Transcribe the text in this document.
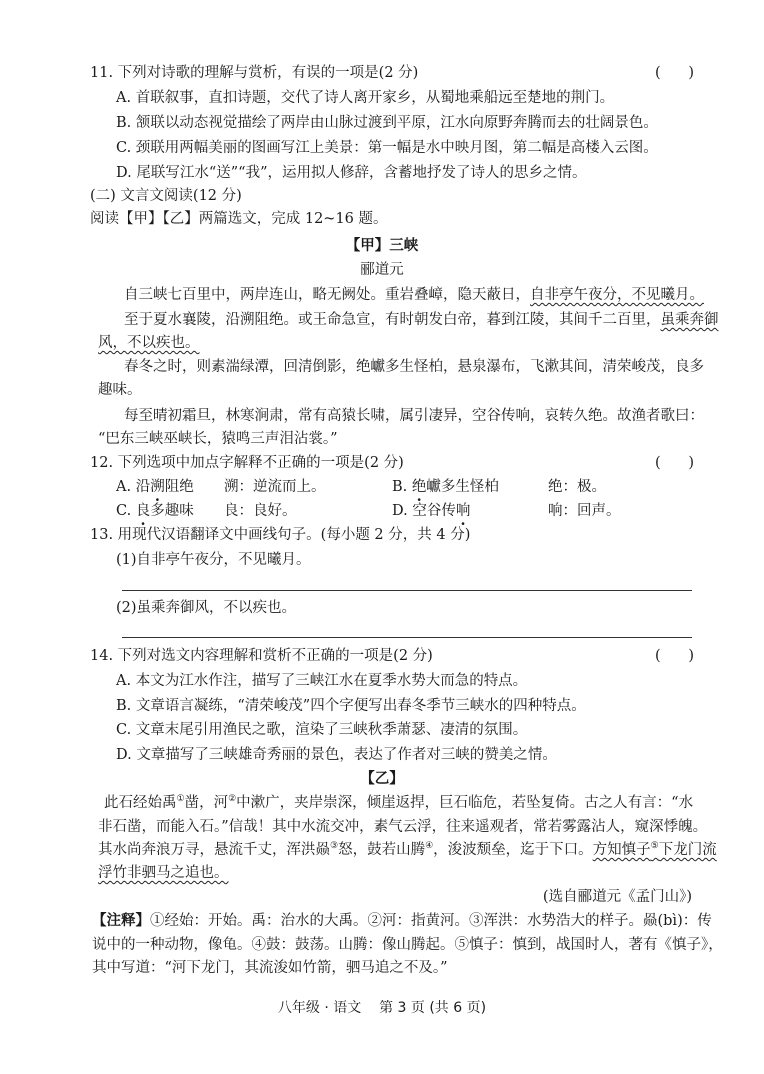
11. 下列对诗歌的理解与赏析，有误的一项是(2 分)	(      )
A. 首联叙事，直扣诗题，交代了诗人离开家乡，从蜀地乘船远至楚地的荆门。
B. 颔联以动态视觉描绘了两岸由山脉过渡到平原，江水向原野奔腾而去的壮阔景色。
C. 颈联用两幅美丽的图画写江上美景：第一幅是水中映月图，第二幅是高楼入云图。
D. 尾联写江水“送”“我”，运用拟人修辞，含蓄地抒发了诗人的思乡之情。
(二) 文言文阅读(12 分)
阅读【甲】【乙】两篇选文，完成 12~16 题。
【甲】三峡
郦道元
自三峡七百里中，两岸连山，略无阙处。重岩叠嶂，隐天蔽日，自非亭午夜分，不见曦月。
至于夏水襄陵，沿溯阻绝。或王命急宣，有时朝发白帝，暮到江陵，其间千二百里，虽乘奔御
风，不以疾也。
春冬之时，则素湍绿潭，回清倒影，绝巘多生怪柏，悬泉瀑布，飞漱其间，清荣峻茂，良多
趣味。
每至晴初霜旦，林寒涧肃，常有高猿长啸，属引凄异，空谷传响，哀转久绝。故渔者歌曰：
“巴东三峡巫峡长，猿鸣三声泪沾裳。”
12. 下列选项中加点字解释不正确的一项是(2 分)	(      )
A. 沿溯阻绝 溯：逆流而上。	B. 绝巘多生怪柏	绝：极。
C. 良多趣味 良：良好。	D. 空谷传响	响：回声。
13. 用现代汉语翻译文中画线句子。(每小题 2 分，共 4 分)
(1)自非亭午夜分，不见曦月。
(2)虽乘奔御风，不以疾也。
14. 下列对选文内容理解和赏析不正确的一项是(2 分)	(      )
A. 本文为江水作注，描写了三峡江水在夏季水势大而急的特点。
B. 文章语言凝练，“清荣峻茂”四个字便写出春冬季节三峡水的四种特点。
C. 文章末尾引用渔民之歌，渲染了三峡秋季萧瑟、凄清的氛围。
D. 文章描写了三峡雄奇秀丽的景色，表达了作者对三峡的赞美之情。
【乙】
此石经始禹①凿，河②中漱广，夹岸崇深，倾崖返捍，巨石临危，若坠复倚。古之人有言：“水
非石凿，而能入石。”信哉！其中水流交冲，素气云浮，往来遥观者，常若雾露沾人，窥深悸魄。
其水尚奔浪万寻，悬流千丈，浑洪赑③怒，鼓若山腾④，浚波颓垒，迄于下口。方知慎子⑤下龙门流
浮竹非驷马之追也。
(选自郦道元《孟门山》)
【注释】①经始：开始。禹：治水的大禹。②河：指黄河。③浑洪：水势浩大的样子。赑(bì)：传
说中的一种动物，像龟。④鼓：鼓荡。山腾：像山腾起。⑤慎子：慎到，战国时人，著有《慎子》，
其中写道：“河下龙门，其流浚如竹箭，驷马追之不及。”
八年级 · 语文    第 3 页 (共 6 页)
